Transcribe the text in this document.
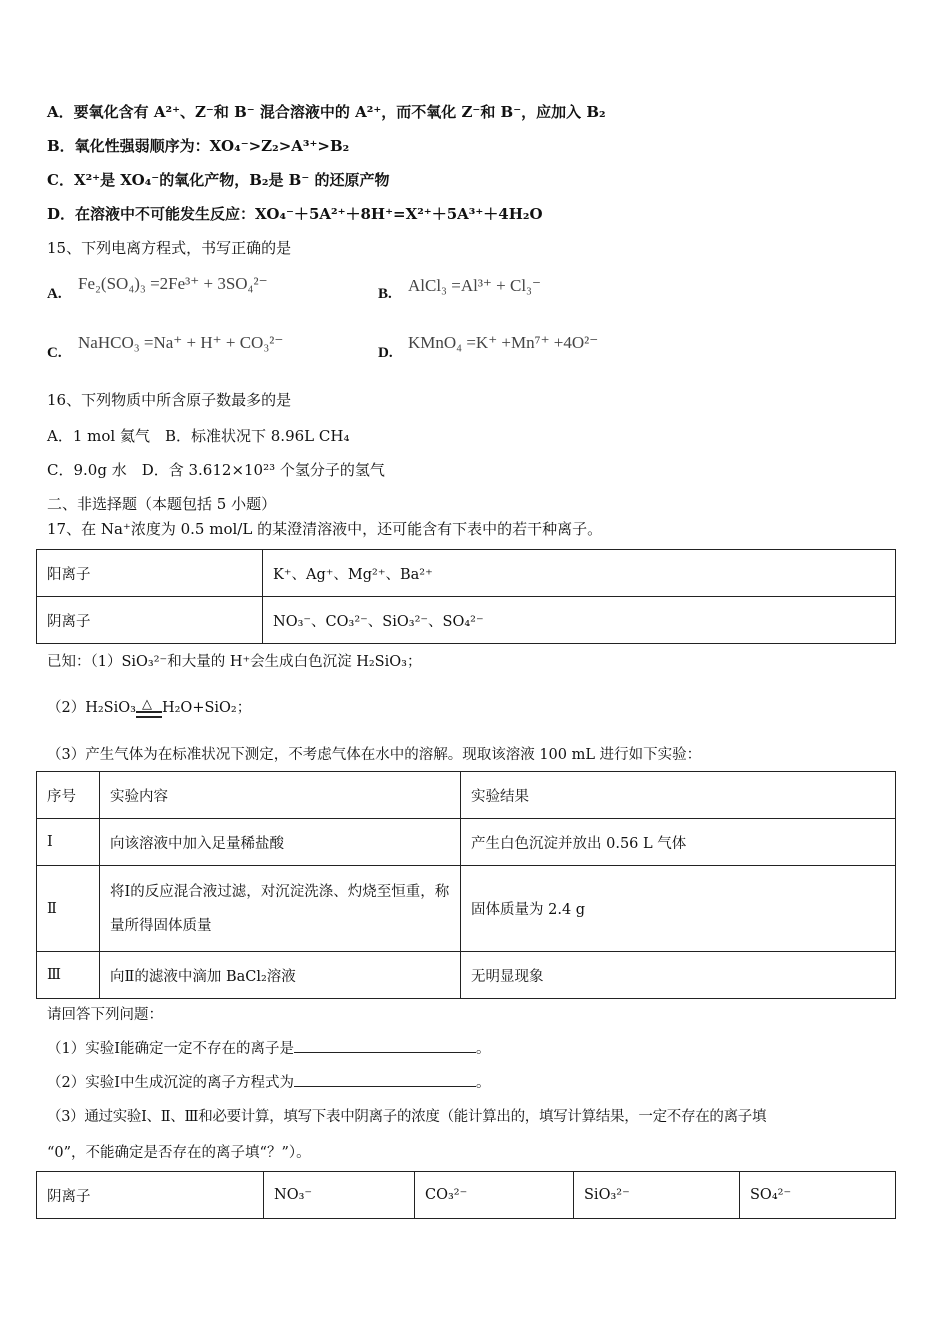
A．要氧化含有 A²⁺、Z⁻和 B⁻ 混合溶液中的 A²⁺，而不氧化 Z⁻和 B⁻，应加入 B₂
B．氧化性强弱顺序为：XO₄⁻>Z₂>A³⁺>B₂
C．X²⁺是 XO₄⁻的氧化产物，B₂是 B⁻ 的还原产物
D．在溶液中不可能发生反应：XO₄⁻＋5A²⁺＋8H⁺=X²⁺＋5A³⁺＋4H₂O
15、下列电离方程式，书写正确的是
A.
Fe₂(SO₄)₃ =2Fe³⁺ + 3SO₄²⁻
B. AlCl₃ =Al³⁺ + Cl₃⁻
C.
NaHCO₃ =Na⁺ + H⁺ + CO₃²⁻
D.
KMnO₄ =K⁺ +Mn⁷⁺ +4O²⁻
16、下列物质中所含原子数最多的是
A．1 mol 氦气　B．标准状况下 8.96L CH₄
C．9.0g 水　D．含 3.612×10²³ 个氢分子的氢气
二、非选择题（本题包括 5 小题）
17、在 Na⁺浓度为 0.5 mol/L 的某澄清溶液中，还可能含有下表中的若干种离子。
阳离子	K⁺、Ag⁺、Mg²⁺、Ba²⁺
阴离子	NO₃⁻、CO₃²⁻、SiO₃²⁻、SO₄²⁻
已知：（1）SiO₃²⁻和大量的 H⁺会生成白色沉淀 H₂SiO₃；
（2）H₂SiO₃ △ H₂O+SiO₂；
（3）产生气体为在标准状况下测定，不考虑气体在水中的溶解。现取该溶液 100 mL 进行如下实验：
序号	实验内容	实验结果
Ⅰ	向该溶液中加入足量稀盐酸	产生白色沉淀并放出 0.56 L 气体
Ⅱ	将Ⅰ的反应混合液过滤，对沉淀洗涤、灼烧至恒重，称量所得固体质量	固体质量为 2.4 g
Ⅲ	向Ⅱ的滤液中滴加 BaCl₂溶液	无明显现象
请回答下列问题：
（1）实验Ⅰ能确定一定不存在的离子是	。
（2）实验Ⅰ中生成沉淀的离子方程式为	。
（3）通过实验Ⅰ、Ⅱ、Ⅲ和必要计算，填写下表中阴离子的浓度（能计算出的，填写计算结果，一定不存在的离子填
“0”，不能确定是否存在的离子填“？”）。
阴离子	NO₃⁻	CO₃²⁻	SiO₃²⁻	SO₄²⁻
